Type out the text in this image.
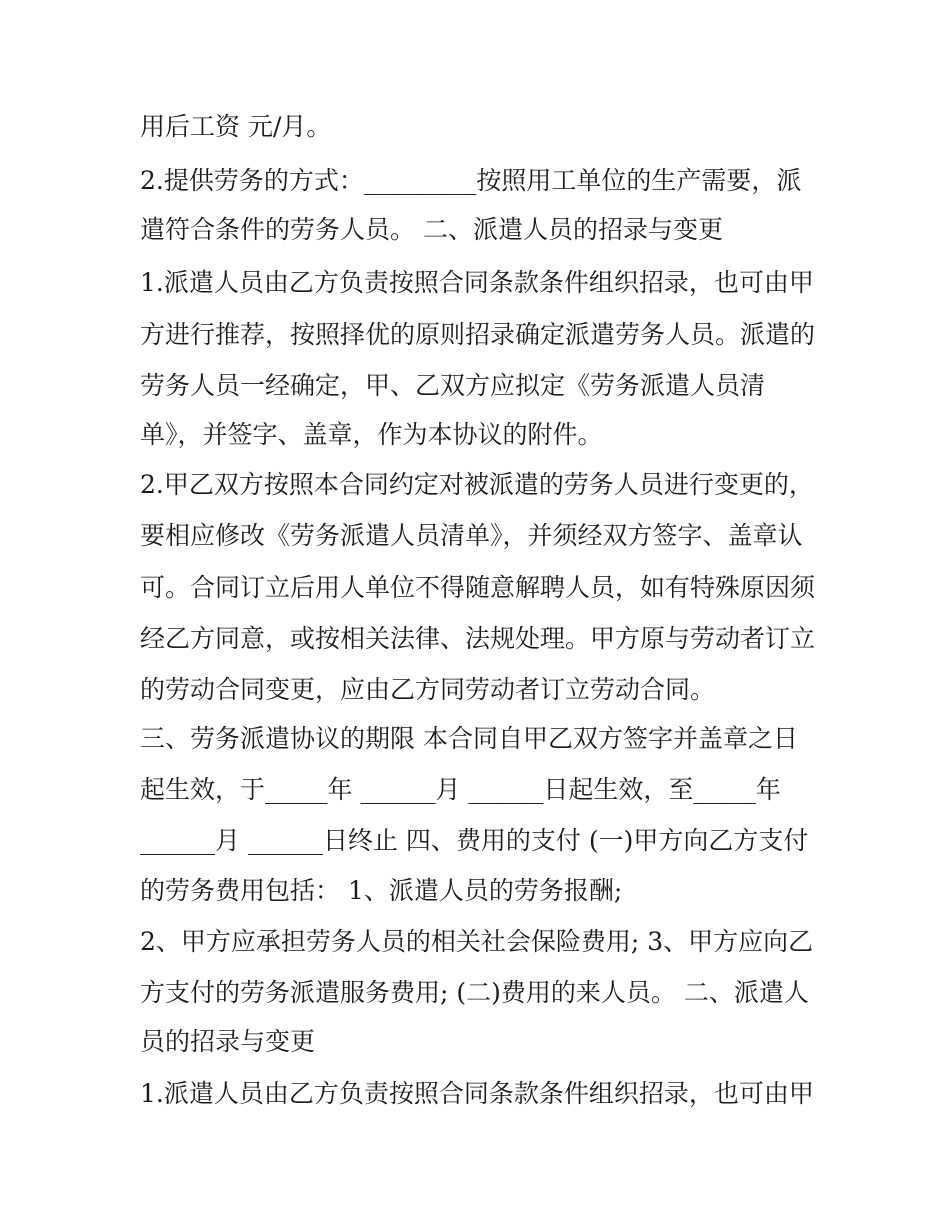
用后工资 元/月。

2.提供劳务的方式：_________按照用工单位的生产需要，派

遣符合条件的劳务人员。 二、派遣人员的招录与变更

1.派遣人员由乙方负责按照合同条款条件组织招录，也可由甲

方进行推荐，按照择优的原则招录确定派遣劳务人员。派遣的

劳务人员一经确定，甲、乙双方应拟定《劳务派遣人员清

单》，并签字、盖章，作为本协议的附件。

2.甲乙双方按照本合同约定对被派遣的劳务人员进行变更的，

要相应修改《劳务派遣人员清单》，并须经双方签字、盖章认

可。合同订立后用人单位不得随意解聘人员，如有特殊原因须

经乙方同意，或按相关法律、法规处理。甲方原与劳动者订立

的劳动合同变更，应由乙方同劳动者订立劳动合同。

三、劳务派遣协议的期限 本合同自甲乙双方签字并盖章之日

起生效，于_____年 ______月 ______日起生效，至_____年

______月 ______日终止 四、费用的支付 (一)甲方向乙方支付

的劳务费用包括： 1、派遣人员的劳务报酬;

2、甲方应承担劳务人员的相关社会保险费用; 3、甲方应向乙

方支付的劳务派遣服务费用; (二)费用的来人员。 二、派遣人

员的招录与变更

1.派遣人员由乙方负责按照合同条款条件组织招录，也可由甲
